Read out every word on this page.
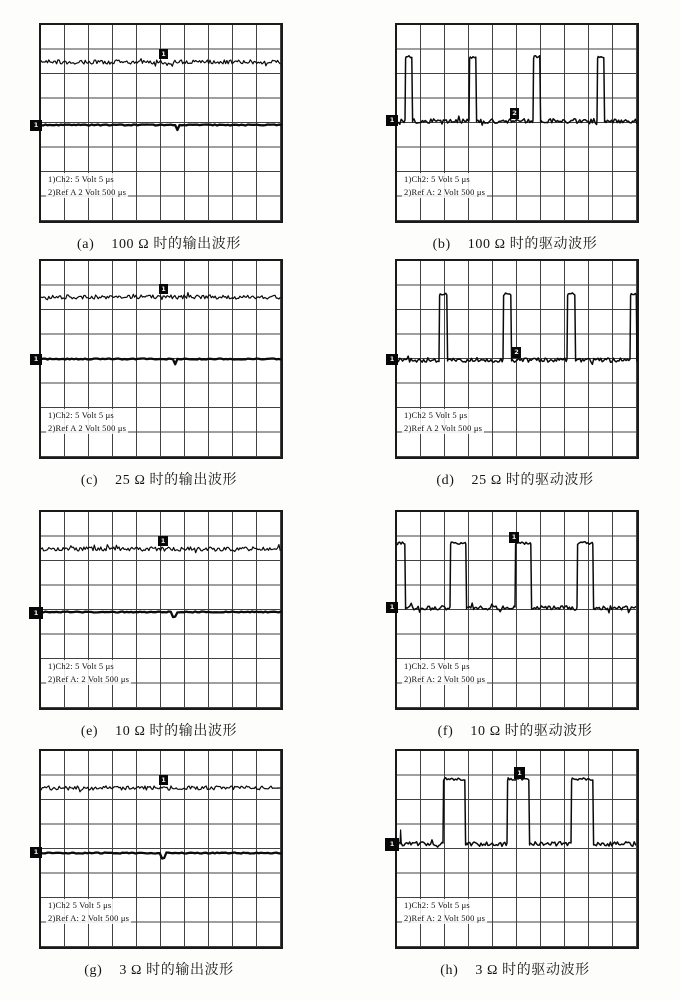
1)Ch2: 5 Volt 5 μs
2)Ref A 2 Volt 500 μs
1
1
(a) 100 Ω 时的输出波形
1)Ch2: 5 Volt 5 μs
2)Ref A: 2 Volt 500 μs
2
1
(b) 100 Ω 时的驱动波形
1)Ch2: 5 Volt 5 μs
2)Ref A 2 Volt 500 μs
1
1
(c) 25 Ω 时的输出波形
1)Ch2 5 Volt 5 μs
2)Ref A 2 Volt 500 μs
2
1
(d) 25 Ω 时的驱动波形
1)Ch2: 5 Volt 5 μs
2)Ref A: 2 Volt 500 μs
1
1
(e) 10 Ω 时的输出波形
1)Ch2. 5 Volt 5 μs
2)Ref A: 2 Volt 500 μs
1
1
(f) 10 Ω 时的驱动波形
1)Ch2 5 Volt 5 μs
2)Ref A: 2 Volt 500 μs
1
1
(g) 3 Ω 时的输出波形
1)Ch2: 5 Volt 5 μs
2)Ref A: 2 Volt 500 μs
1
1
(h) 3 Ω 时的驱动波形
